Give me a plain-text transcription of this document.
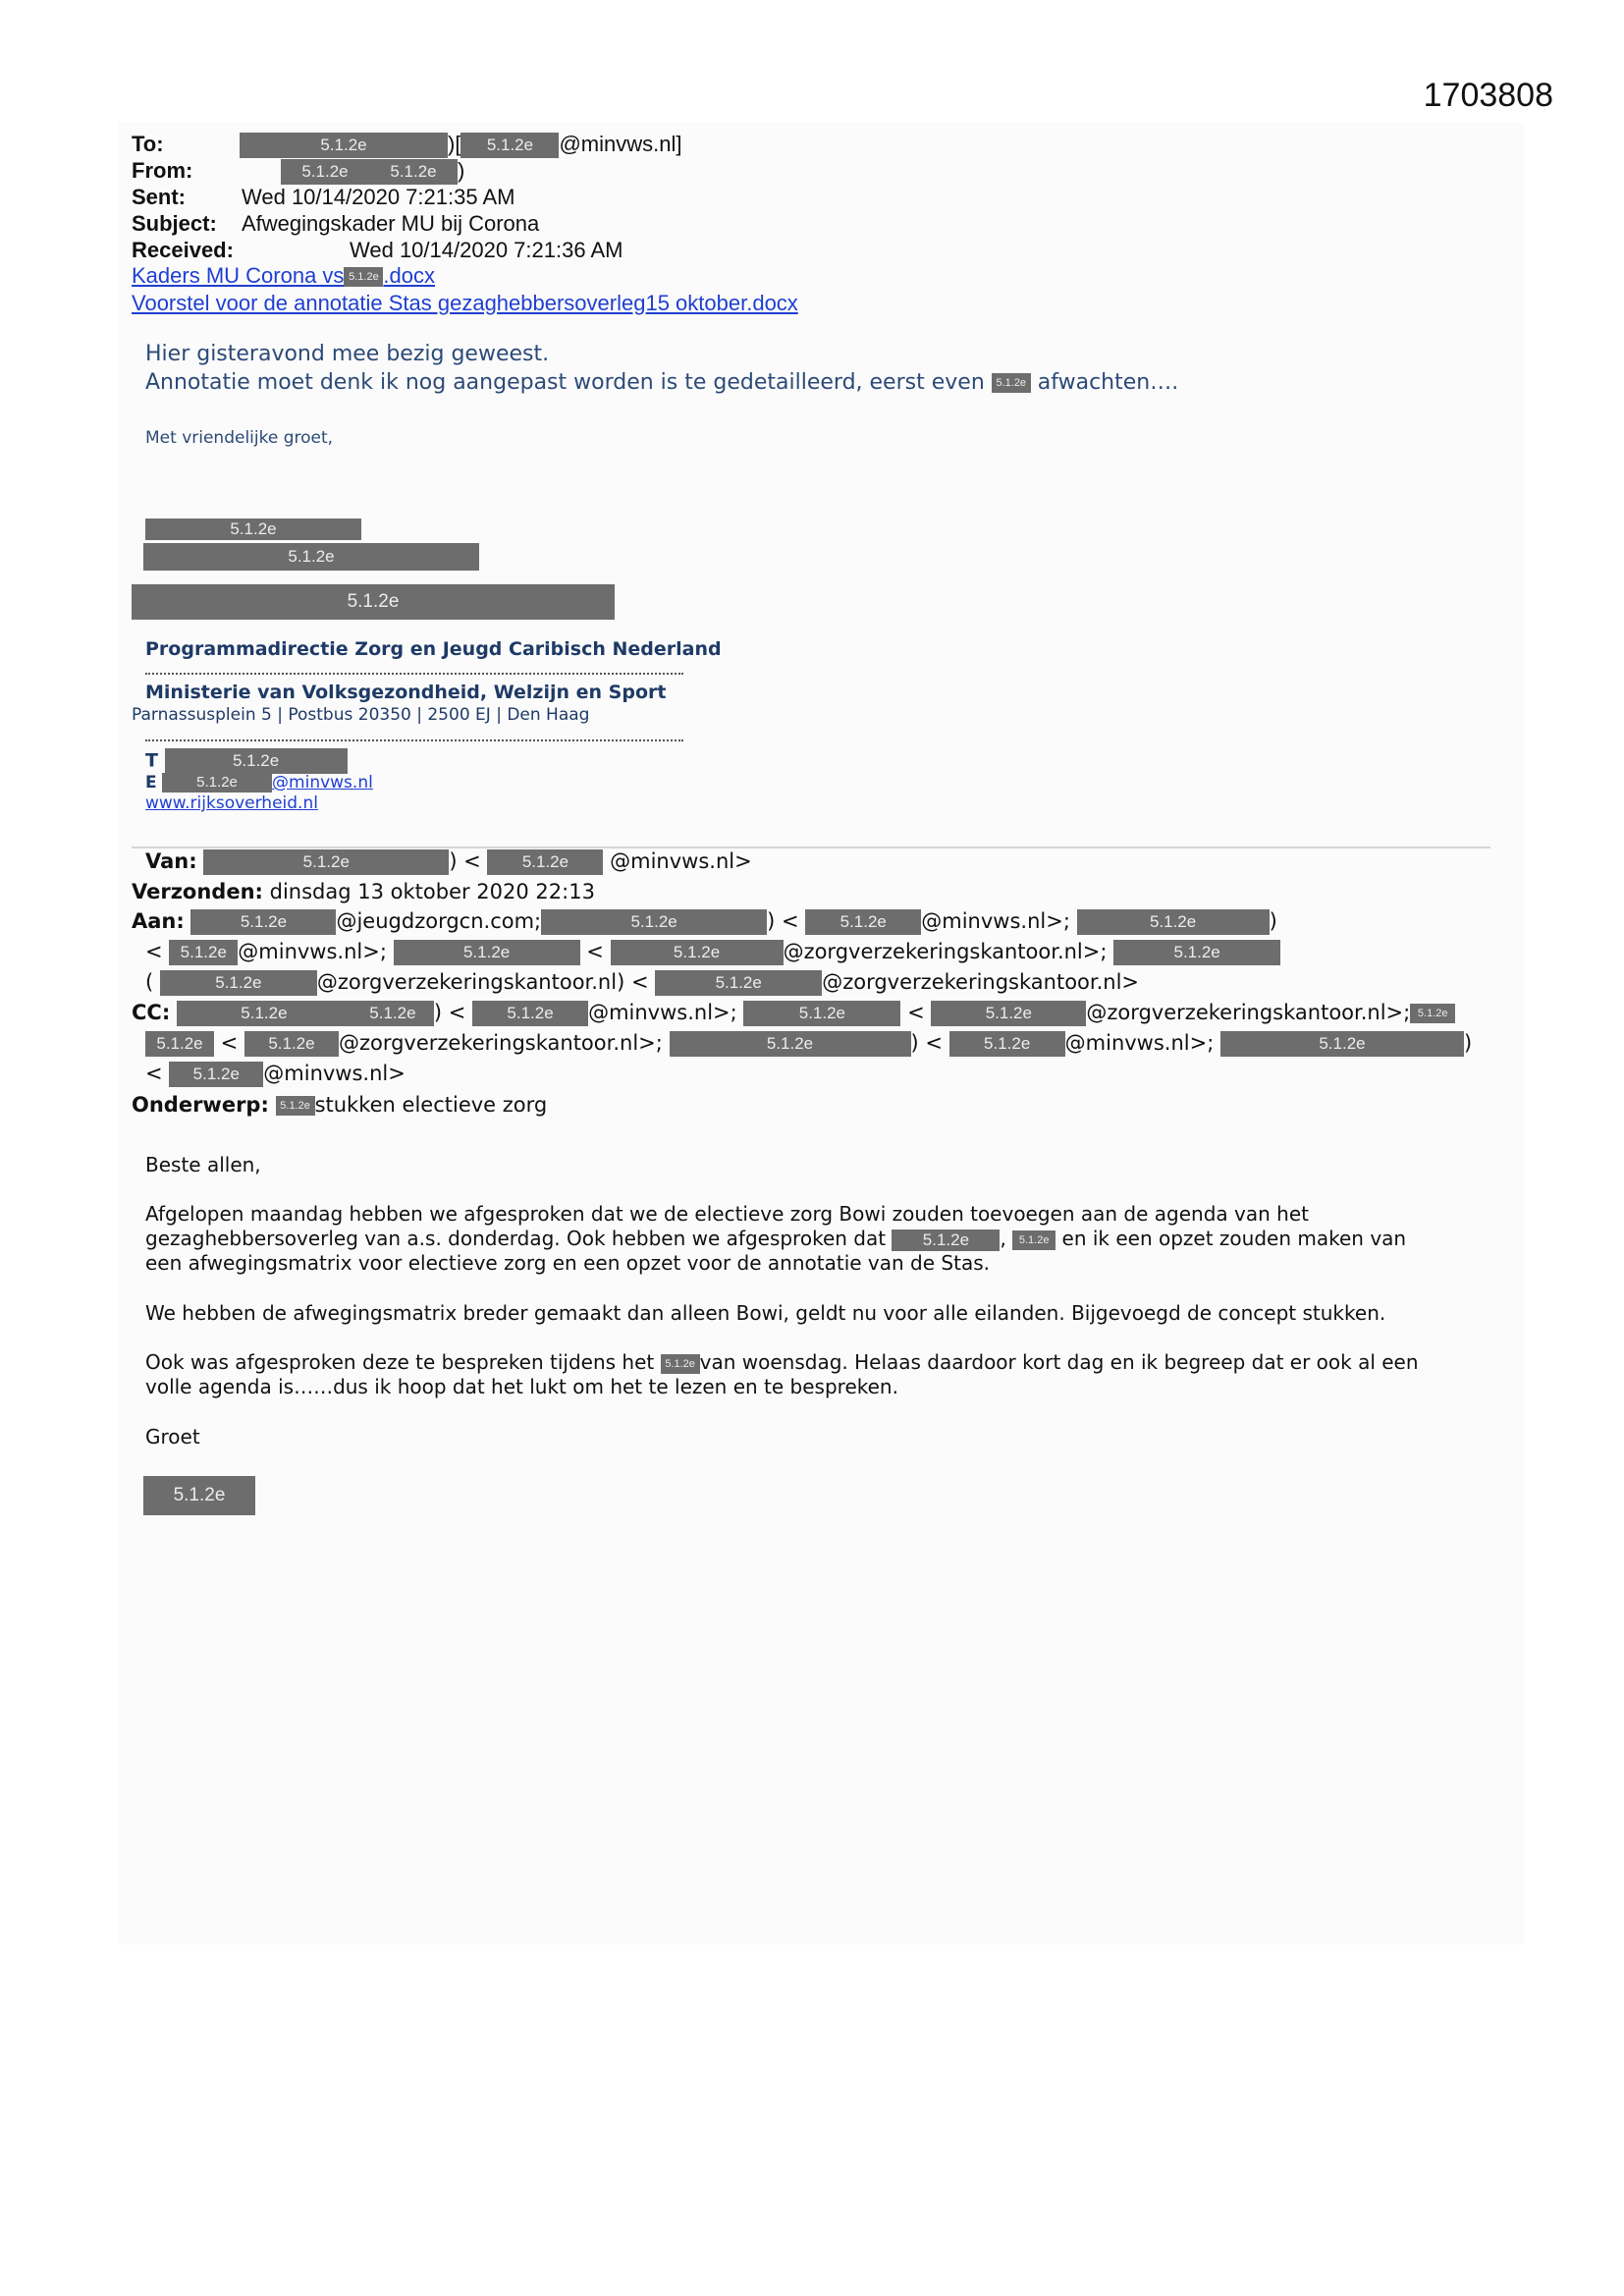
1703808
To:	5.1.2e	)[ 5.1.2e @minvws.nl]
From:	5.1.2e	5.1.2e )
Sent:	Wed 10/14/2020 7:21:35 AM
Subject: Afwegingskader MU bij Corona
Received:	Wed 10/14/2020 7:21:36 AM
Kaders MU Corona vs 5.1.2e .docx
Voorstel voor de annotatie Stas gezaghebbersoverleg15 oktober.docx
Hier gisteravond mee bezig geweest.
Annotatie moet denk ik nog aangepast worden is te gedetailleerd, eerst even 5.1.2e afwachten….
Met vriendelijke groet,
5.1.2e
5.1.2e
5.1.2e
Programmadirectie Zorg en Jeugd Caribisch Nederland
Ministerie van Volksgezondheid, Welzijn en Sport
Parnassusplein 5 | Postbus 20350 | 2500 EJ | Den Haag
T	5.1.2e
E	5.1.2e @minvws.nl
www.rijksoverheid.nl
Van:	5.1.2e	) < 5.1.2e @minvws.nl>
Verzonden: dinsdag 13 oktober 2020 22:13
Aan:	5.1.2e @jeugdzorgcn.com;	5.1.2e	) < 5.1.2e @minvws.nl>;	5.1.2e	)
< 5.1.2e @minvws.nl>;	5.1.2e	<	5.1.2e	@zorgverzekeringskantoor.nl>;	5.1.2e
(	5.1.2e	@zorgverzekeringskantoor.nl) <	5.1.2e	@zorgverzekeringskantoor.nl>
CC:	5.1.2e	5.1.2e ) < 5.1.2e @minvws.nl>;	5.1.2e	<	5.1.2e	@zorgverzekeringskantoor.nl>; 5.1.2e
5.1.2e < 5.1.2e @zorgverzekeringskantoor.nl>;	5.1.2e	) < 5.1.2e @minvws.nl>;	5.1.2e	)
< 5.1.2e @minvws.nl>
Onderwerp: 5.1.2e stukken electieve zorg
Beste allen,
Afgelopen maandag hebben we afgesproken dat we de electieve zorg Bowi zouden toevoegen aan de agenda van het
gezaghebbersoverleg van a.s. donderdag. Ook hebben we afgesproken dat 5.1.2e , 5.1.2e en ik een opzet zouden maken van
een afwegingsmatrix voor electieve zorg en een opzet voor de annotatie van de Stas.
We hebben de afwegingsmatrix breder gemaakt dan alleen Bowi, geldt nu voor alle eilanden. Bijgevoegd de concept stukken.
Ook was afgesproken deze te bespreken tijdens het 5.1.2e van woensdag. Helaas daardoor kort dag en ik begreep dat er ook al een
volle agenda is……dus ik hoop dat het lukt om het te lezen en te bespreken.
Groet
5.1.2e
